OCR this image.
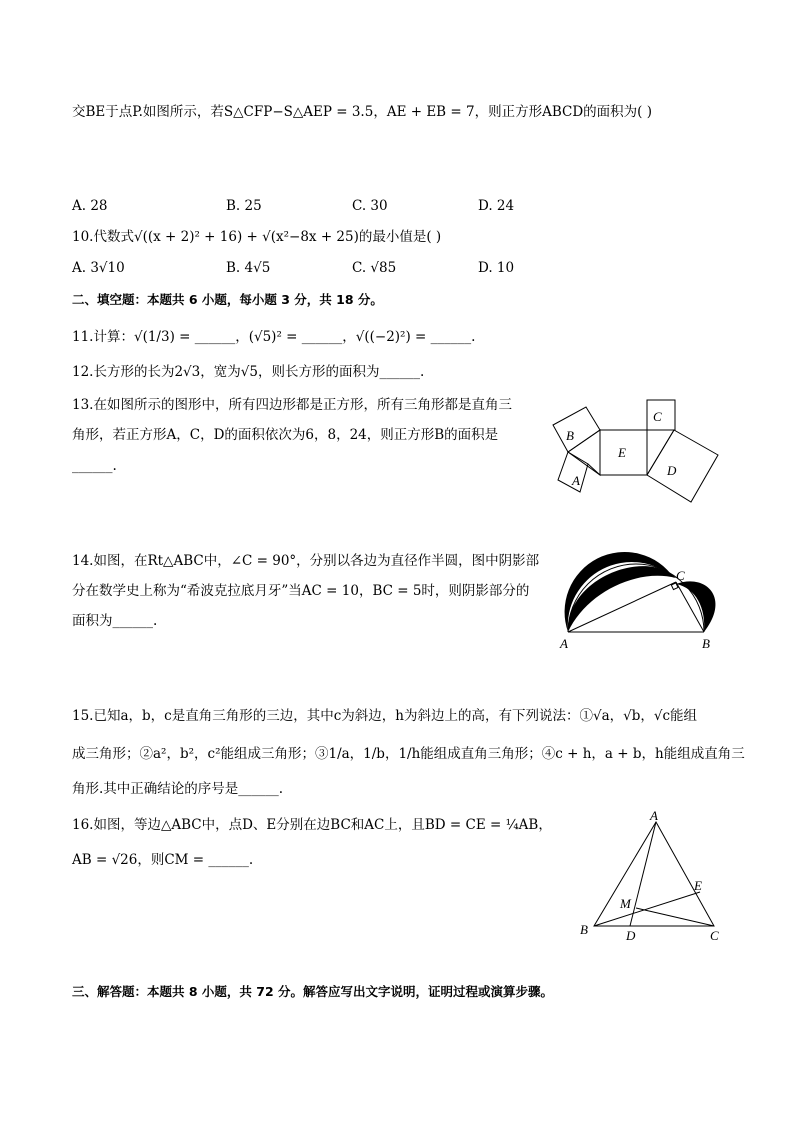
交BE于点P.如图所示，若S△CFP−S△AEP = 3.5，AE + EB = 7，则正方形ABCD的面积为( )
A. 28	B. 25	C. 30	D. 24
10.代数式√((x + 2)² + 16) + √(x²−8x + 25)的最小值是( )
A. 3√10	B. 4√5	C. √85	D. 10
二、填空题：本题共 6 小题，每小题 3 分，共 18 分。
11.计算：√(1/3) = ______，(√5)² = ______，√((−2)²) = ______.
12.长方形的长为2√3，宽为√5，则长方形的面积为______.
13.在如图所示的图形中，所有四边形都是正方形，所有三角形都是直角三
角形，若正方形A，C，D的面积依次为6，8，24，则正方形B的面积是
______.
B
A
E
C
D
14.如图，在Rt△ABC中，∠C = 90°，分别以各边为直径作半圆，图中阴影部
分在数学史上称为“希波克拉底月牙”当AC = 10，BC = 5时，则阴影部分的
面积为______.
A	B
C
15.已知a，b，c是直角三角形的三边，其中c为斜边，h为斜边上的高，有下列说法：①√a，√b，√c能组
成三角形；②a²，b²，c²能组成三角形；③1/a，1/b，1/h能组成直角三角形；④c + h，a + b，h能组成直角三
角形.其中正确结论的序号是______.
16.如图，等边△ABC中，点D、E分别在边BC和AC上，且BD = CE = ¼AB，
AB = √26，则CM = ______.
A
B	C
D
E
M
三、解答题：本题共 8 小题，共 72 分。解答应写出文字说明，证明过程或演算步骤。
